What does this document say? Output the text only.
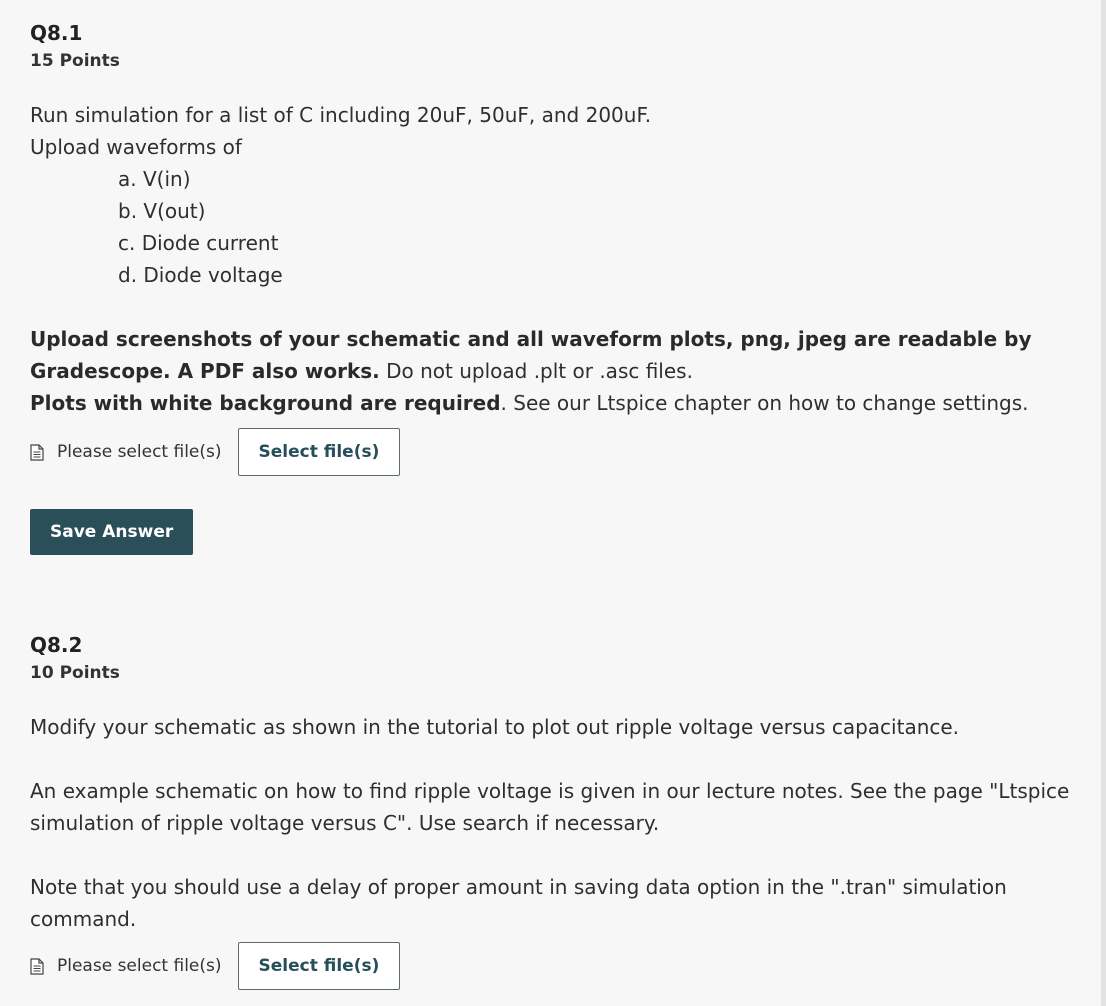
Q8.1
15 Points

Run simulation for a list of C including 20uF, 50uF, and 200uF.

Upload waveforms of

a. V(in)
b. V(out)
c. Diode current
d. Diode voltage

Upload screenshots of your schematic and all waveform plots, png, jpeg are readable by Gradescope. A PDF also works. Do not upload .plt or .asc files.

Plots with white background are required. See our Ltspice chapter on how to change settings.

Please select file(s)	Select file(s)
Save Answer
Q8.2
10 Points

Modify your schematic as shown in the tutorial to plot out ripple voltage versus capacitance.

An example schematic on how to find ripple voltage is given in our lecture notes. See the page "Ltspice simulation of ripple voltage versus C". Use search if necessary.

Note that you should use a delay of proper amount in saving data option in the ".tran" simulation command.

Please select file(s)	Select file(s)
